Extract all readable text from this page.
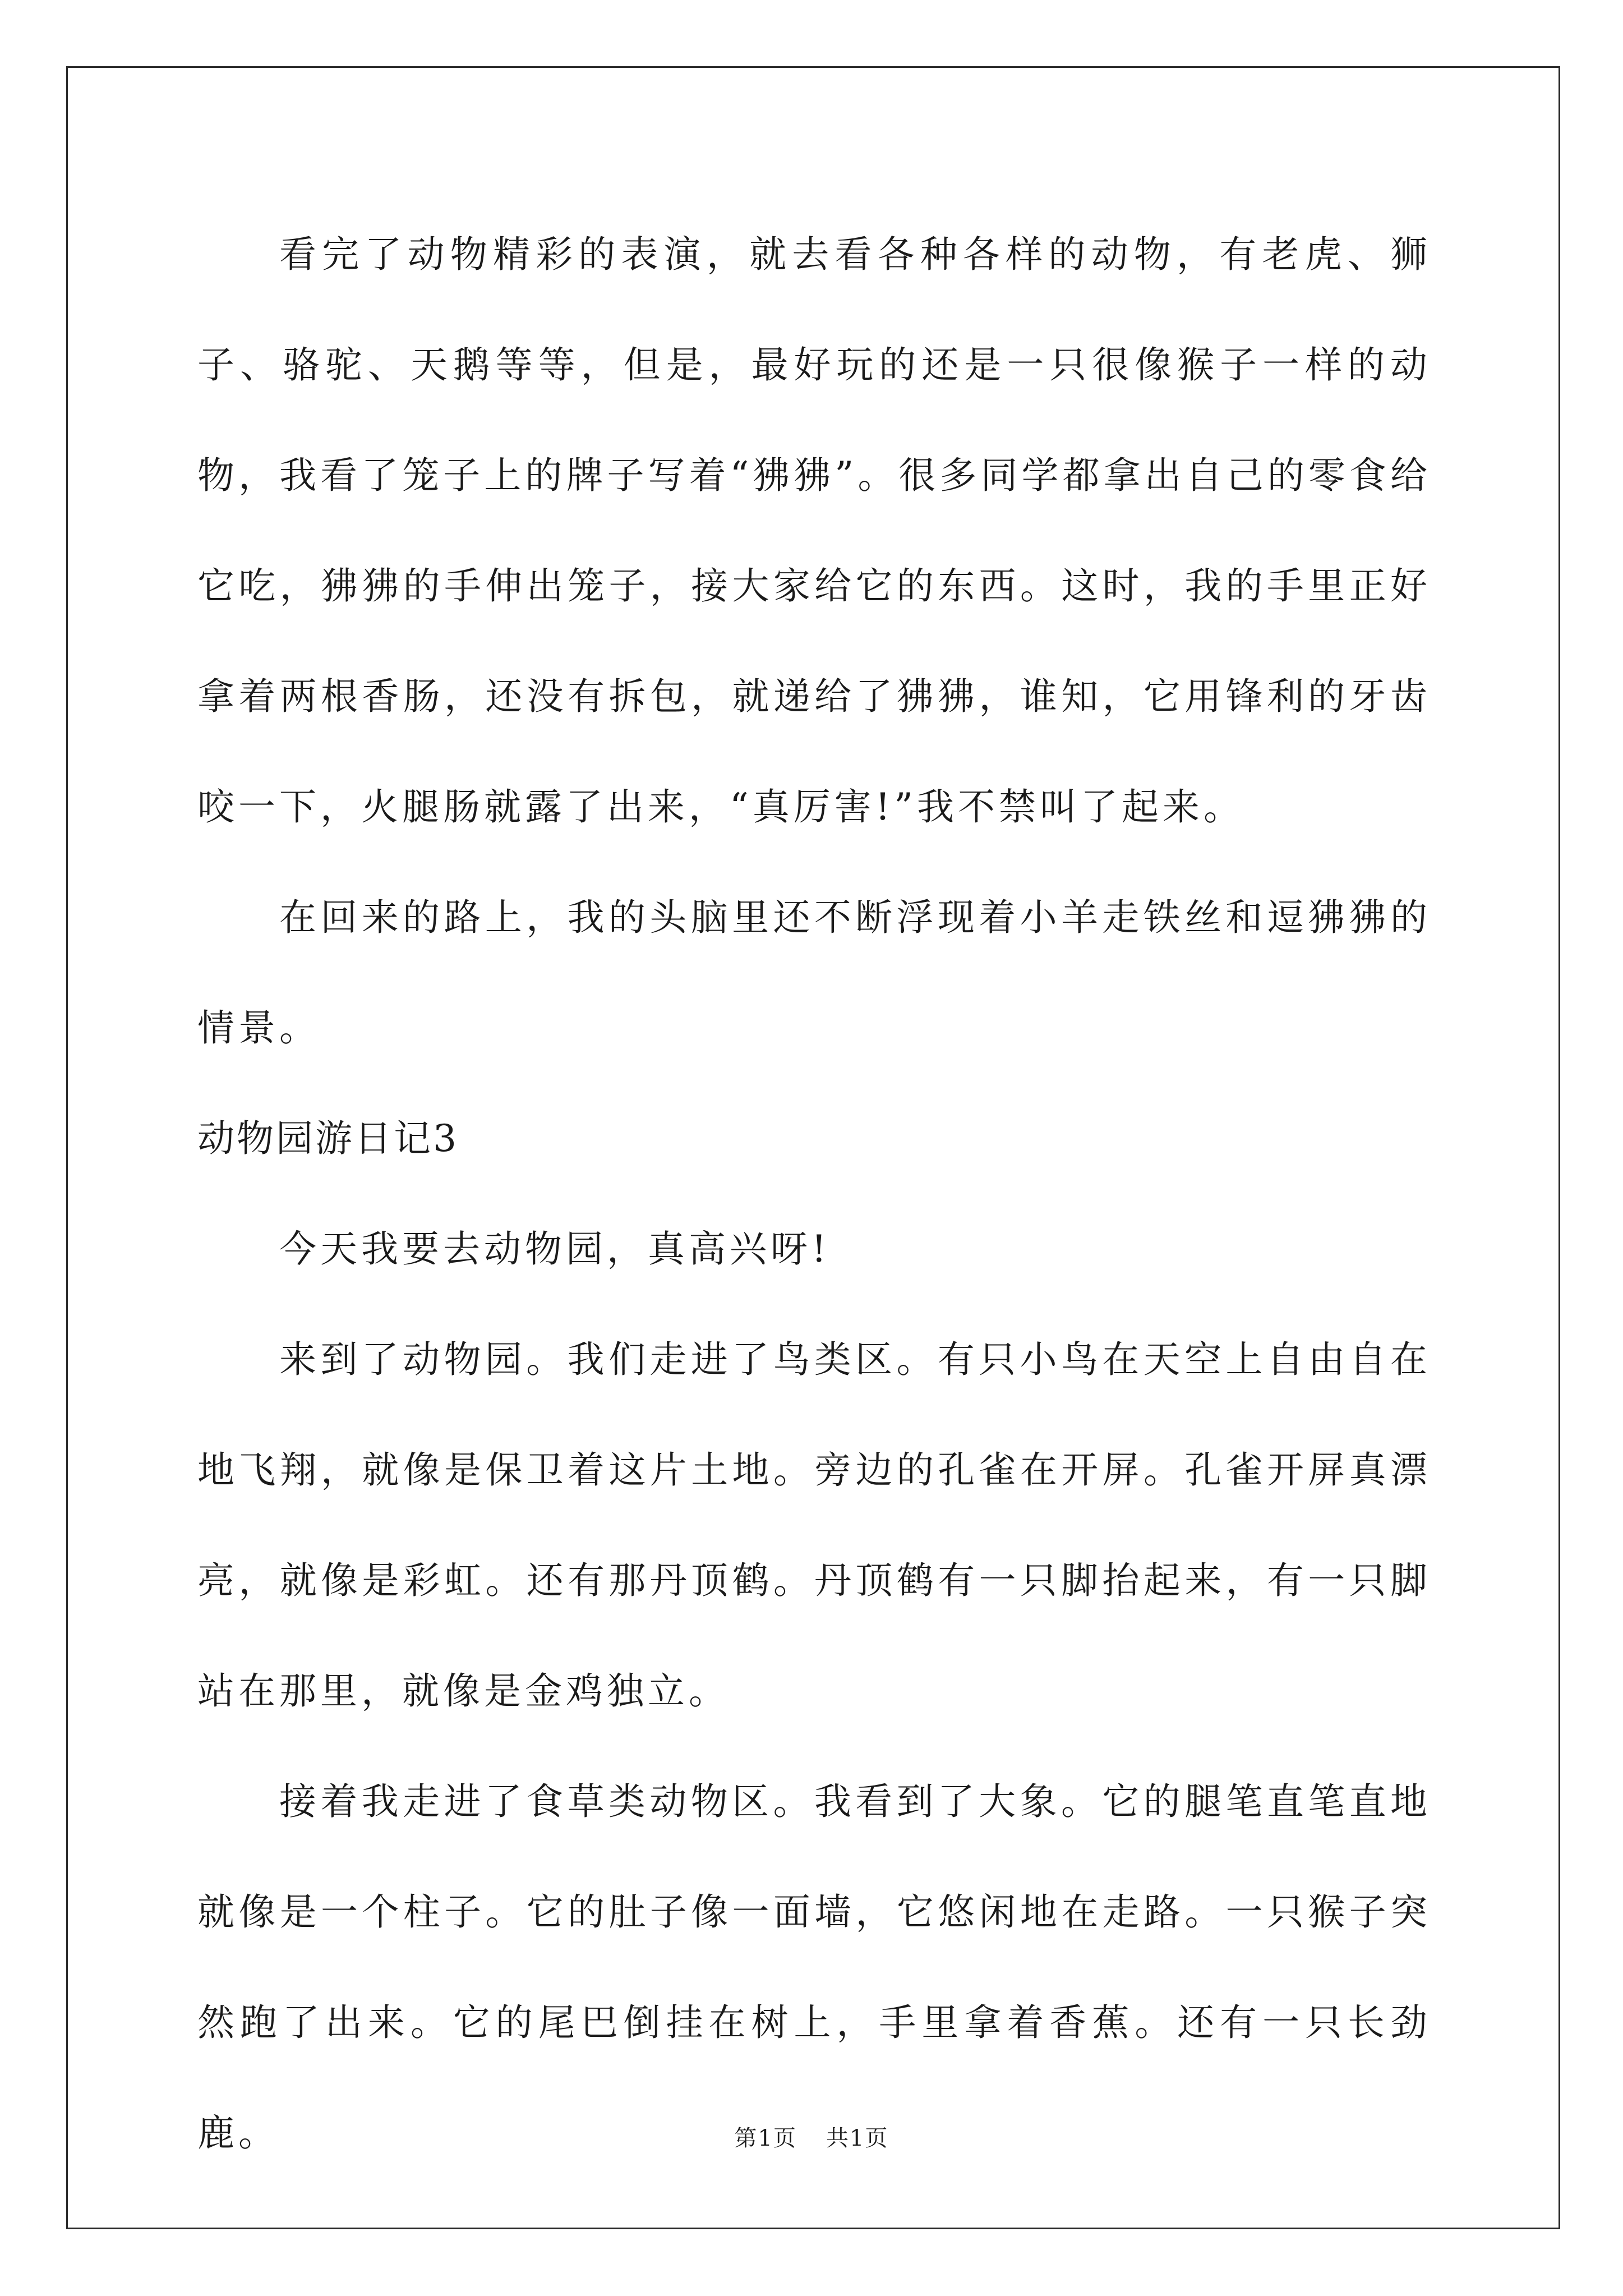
看完了动物精彩的表演，就去看各种各样的动物，有老虎、狮子、骆驼、天鹅等等，但是，最好玩的还是一只很像猴子一样的动物，我看了笼子上的牌子写着“狒狒”。很多同学都拿出自己的零食给它吃，狒狒的手伸出笼子，接大家给它的东西。这时，我的手里正好拿着两根香肠，还没有拆包，就递给了狒狒，谁知，它用锋利的牙齿咬一下，火腿肠就露了出来，“真厉害!”我不禁叫了起来。

在回来的路上，我的头脑里还不断浮现着小羊走铁丝和逗狒狒的情景。

动物园游日记3

今天我要去动物园，真高兴呀!

来到了动物园。我们走进了鸟类区。有只小鸟在天空上自由自在地飞翔，就像是保卫着这片土地。旁边的孔雀在开屏。孔雀开屏真漂亮，就像是彩虹。还有那丹顶鹤。丹顶鹤有一只脚抬起来，有一只脚站在那里，就像是金鸡独立。

接着我走进了食草类动物区。我看到了大象。它的腿笔直笔直地就像是一个柱子。它的肚子像一面墙，它悠闲地在走路。一只猴子突然跑了出来。它的尾巴倒挂在树上，手里拿着香蕉。还有一只长劲鹿。	第1页 共1页
